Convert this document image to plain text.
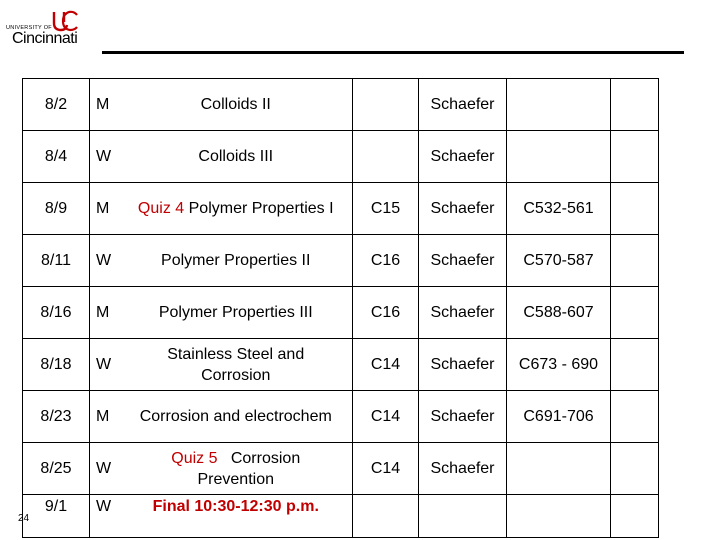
UNIVERSITY OF
Cincinnati
8/2	M	Colloids II		Schaefer		
8/4	W	Colloids III		Schaefer		
8/9	M	Quiz 4 Polymer Properties I	C15	Schaefer	C532-561	
8/11	W	Polymer Properties II	C16	Schaefer	C570-587	
8/16	M	Polymer Properties III	C16	Schaefer	C588-607	
8/18	W	Stainless Steel and
Corrosion	C14	Schaefer	C673 - 690	
8/23	M	Corrosion and electrochem	C14	Schaefer	C691-706	
8/25	W	Quiz 5   Corrosion
Prevention	C14	Schaefer		
9/1	W	Final 10:30-12:30 p.m.				
24
